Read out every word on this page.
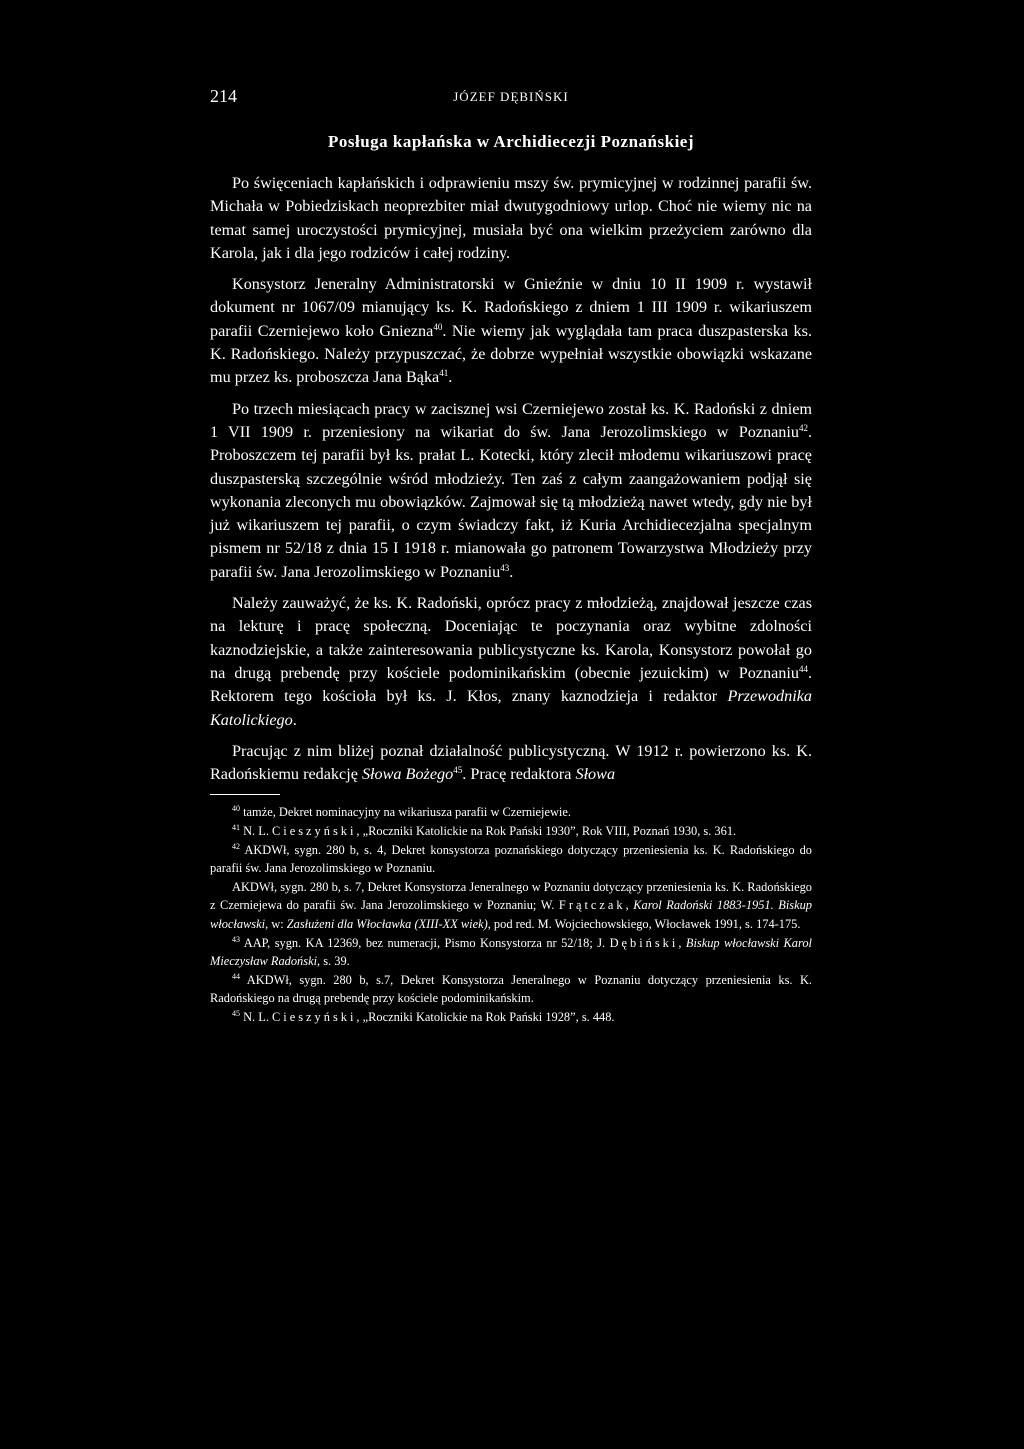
214	JÓZEF DĘBIŃSKI
Posługa kapłańska w Archidiecezji Poznańskiej

Po święceniach kapłańskich i odprawieniu mszy św. prymicyjnej w rodzinnej parafii św. Michała w Pobiedziskach neoprezbiter miał dwutygodniowy urlop. Choć nie wiemy nic na temat samej uroczystości prymicyjnej, musiała być ona wielkim przeżyciem zarówno dla Karola, jak i dla jego rodziców i całej rodziny.

Konsystorz Jeneralny Administratorski w Gnieźnie w dniu 10 II 1909 r. wystawił dokument nr 1067/09 mianujący ks. K. Radońskiego z dniem 1 III 1909 r. wikariuszem parafii Czerniejewo koło Gniezna$^{40}$. Nie wiemy jak wyglądała tam praca duszpasterska ks. K. Radońskiego. Należy przypuszczać, że dobrze wypełniał wszystkie obowiązki wskazane mu przez ks. proboszcza Jana Bąka$^{41}$.

Po trzech miesiącach pracy w zacisznej wsi Czerniejewo został ks. K. Radoński z dniem 1 VII 1909 r. przeniesiony na wikariat do św. Jana Jerozolimskiego w Poznaniu$^{42}$. Proboszczem tej parafii był ks. prałat L. Kotecki, który zlecił młodemu wikariuszowi pracę duszpasterską szczególnie wśród młodzieży. Ten zaś z całym zaangażowaniem podjął się wykonania zleconych mu obowiązków. Zajmował się tą młodzieżą nawet wtedy, gdy nie był już wikariuszem tej parafii, o czym świadczy fakt, iż Kuria Archidiecezjalna specjalnym pismem nr 52/18 z dnia 15 I 1918 r. mianowała go patronem Towarzystwa Młodzieży przy parafii św. Jana Jerozolimskiego w Poznaniu$^{43}$.

Należy zauważyć, że ks. K. Radoński, oprócz pracy z młodzieżą, znajdował jeszcze czas na lekturę i pracę społeczną. Doceniając te poczynania oraz wybitne zdolności kaznodziejskie, a także zainteresowania publicystyczne ks. Karola, Konsystorz powołał go na drugą prebendę przy kościele podominikańskim (obecnie jezuickim) w Poznaniu$^{44}$. Rektorem tego kościoła był ks. J. Kłos, znany kaznodzieja i redaktor Przewodnika Katolickiego.

Pracując z nim bliżej poznał działalność publicystyczną. W 1912 r. powierzono ks. K. Radońskiemu redakcję Słowa Bożego$^{45}$. Pracę redaktora Słowa

$^{40}$ tamże, Dekret nominacyjny na wikariusza parafii w Czerniejewie.

$^{41}$ N. L. Cieszyński, „Roczniki Katolickie na Rok Pański 1930”, Rok VIII, Poznań 1930, s. 361.

$^{42}$ AKDWł, sygn. 280 b, s. 4, Dekret konsystorza poznańskiego dotyczący przeniesienia ks. K. Radońskiego do parafii św. Jana Jerozolimskiego w Poznaniu.

AKDWł, sygn. 280 b, s. 7, Dekret Konsystorza Jeneralnego w Poznaniu dotyczący przeniesienia ks. K. Radońskiego z Czerniejewa do parafii św. Jana Jerozolimskiego w Poznaniu; W. Frątczak, Karol Radoński 1883-1951. Biskup włocławski, w: Zasłużeni dla Włocławka (XIII-XX wiek), pod red. M. Wojciechowskiego, Włocławek 1991, s. 174-175.

$^{43}$ AAP, sygn. KA 12369, bez numeracji, Pismo Konsystorza nr 52/18; J. Dębiński, Biskup włocławski Karol Mieczysław Radoński, s. 39.

$^{44}$ AKDWł, sygn. 280 b, s.7, Dekret Konsystorza Jeneralnego w Poznaniu dotyczący przeniesienia ks. K. Radońskiego na drugą prebendę przy kościele podominikańskim.

$^{45}$ N. L. Cieszyński, „Roczniki Katolickie na Rok Pański 1928”, s. 448.
